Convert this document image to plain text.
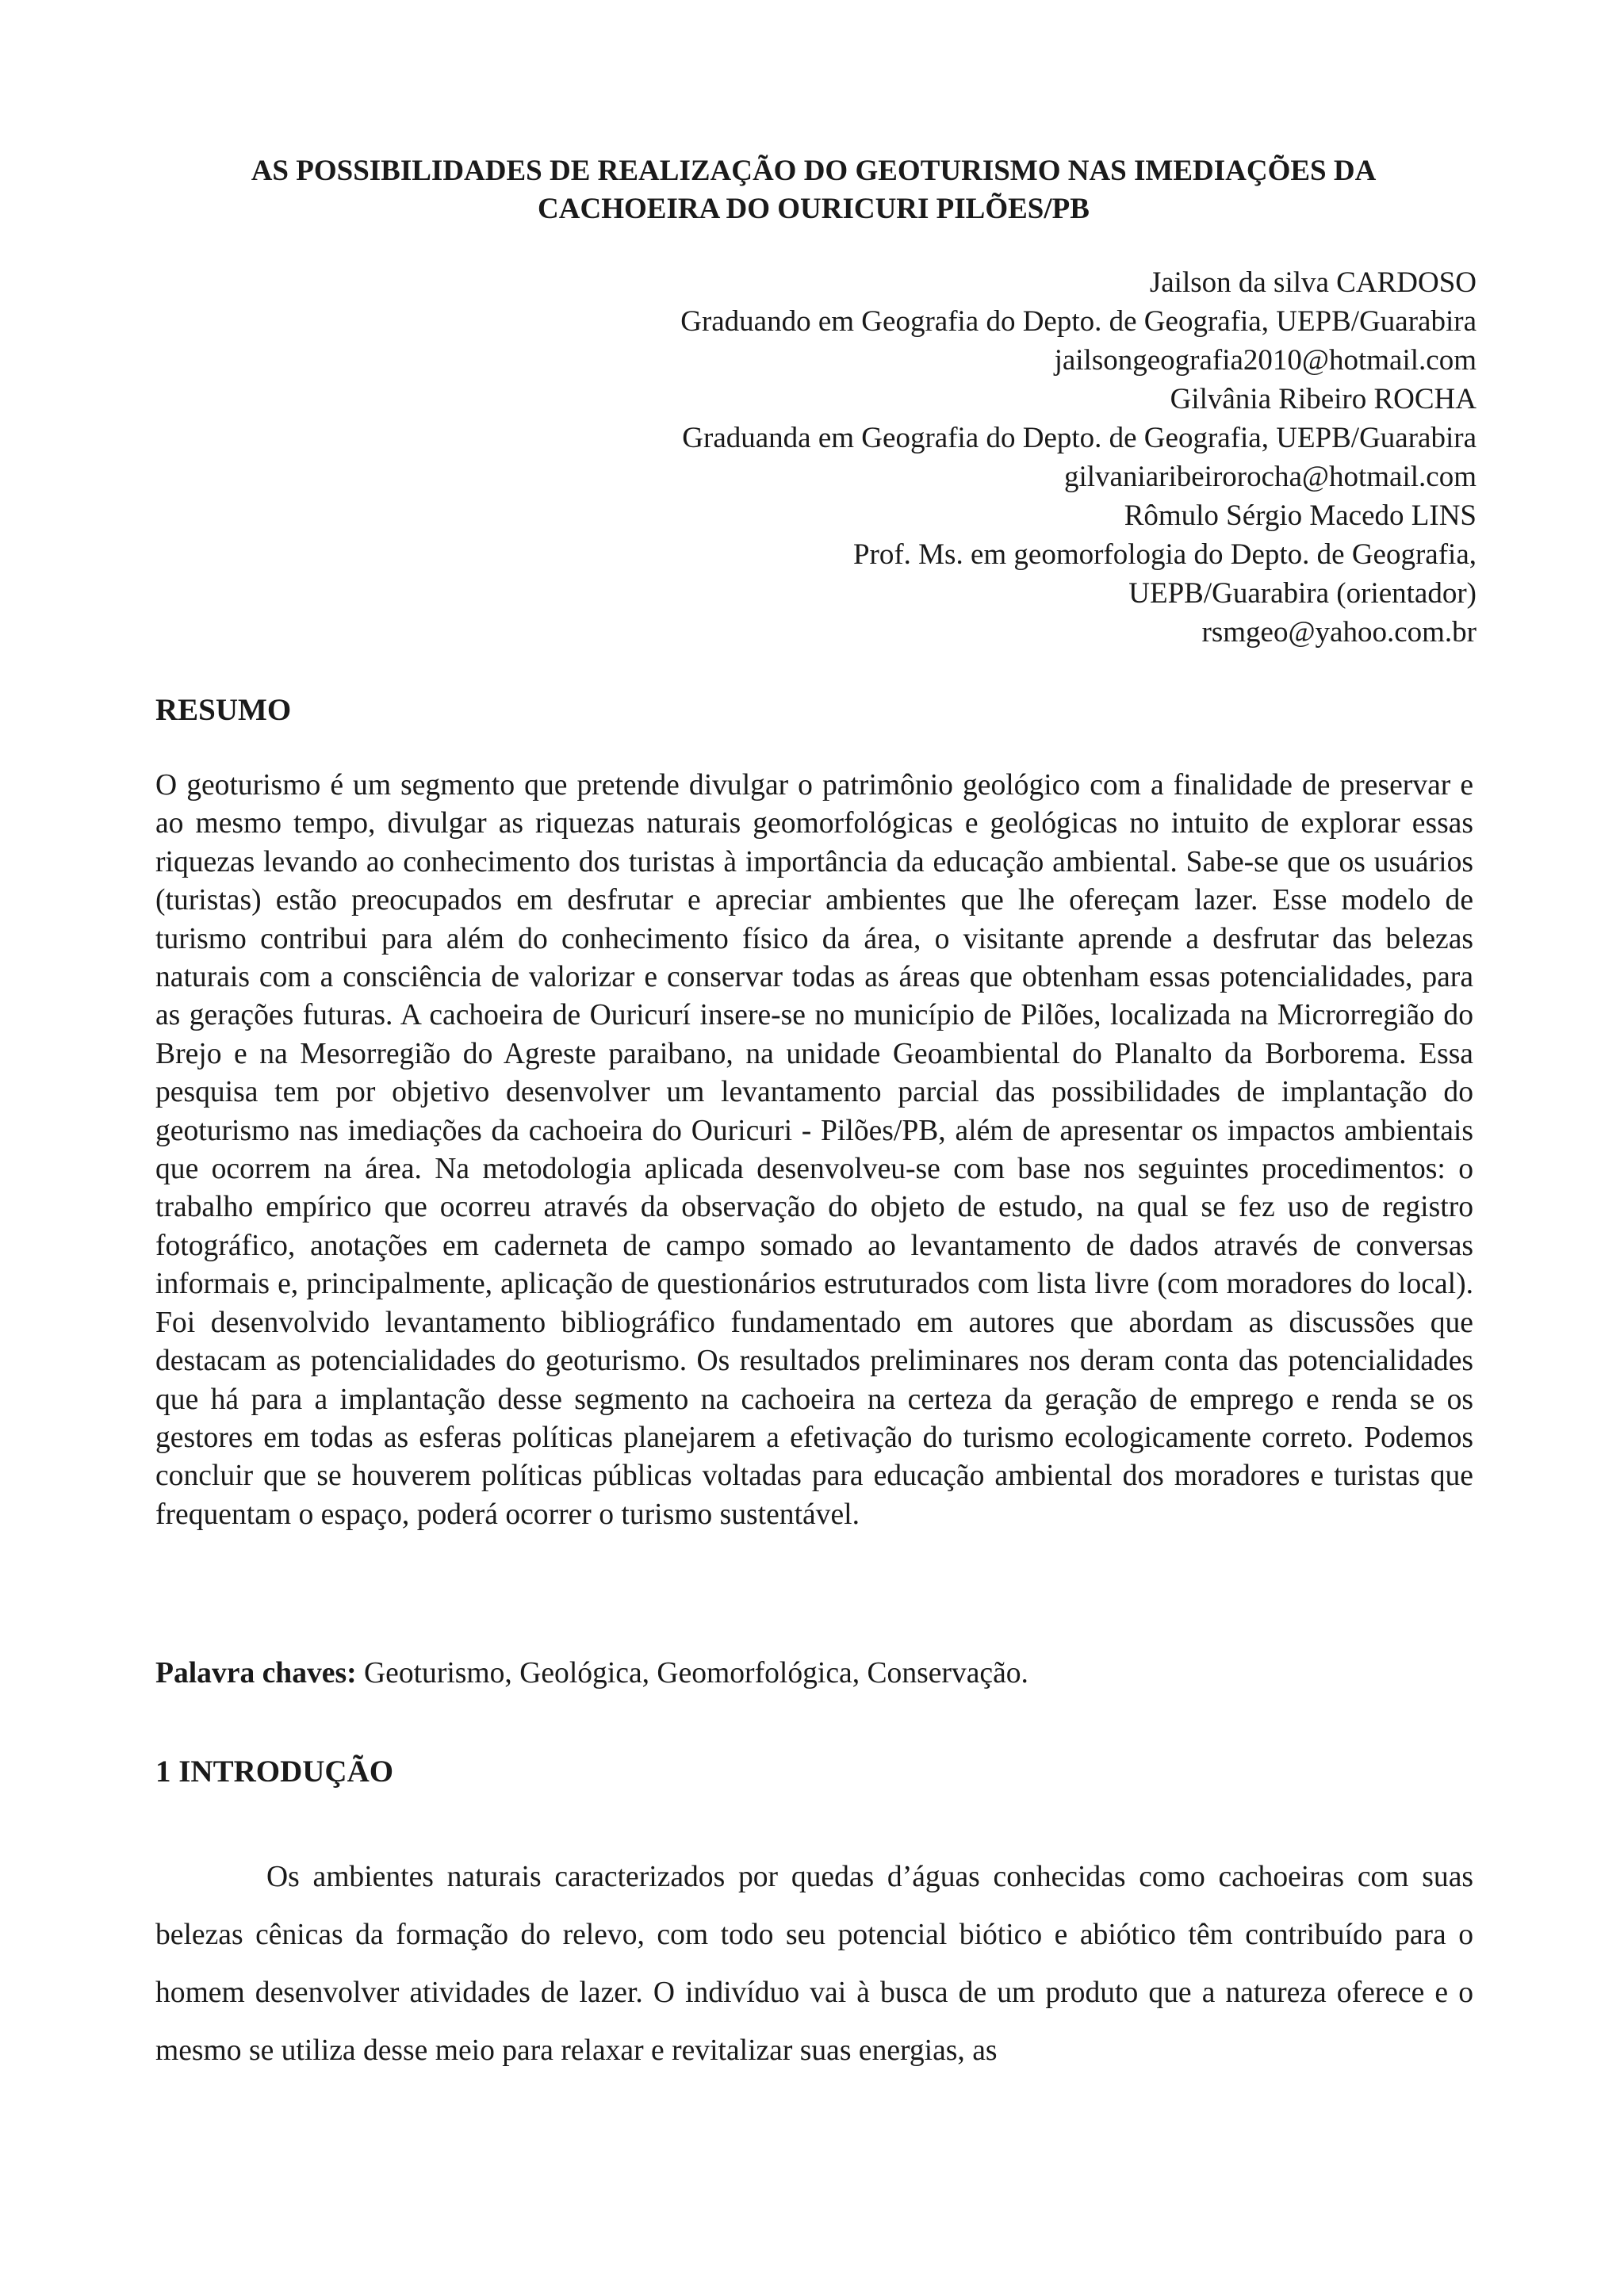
AS POSSIBILIDADES DE REALIZAÇÃO DO GEOTURISMO NAS IMEDIAÇÕES DA
CACHOEIRA DO OURICURI PILÕES/PB
Jailson da silva CARDOSO
Graduando em Geografia do Depto. de Geografia, UEPB/Guarabira
jailsongeografia2010@hotmail.com
Gilvânia Ribeiro ROCHA
Graduanda em Geografia do Depto. de Geografia, UEPB/Guarabira
gilvaniaribeirorocha@hotmail.com
Rômulo Sérgio Macedo LINS
Prof. Ms. em geomorfologia do Depto. de Geografia,
UEPB/Guarabira (orientador)
rsmgeo@yahoo.com.br
RESUMO

O geoturismo é um segmento que pretende divulgar o patrimônio geológico com a finalidade de preservar e ao mesmo tempo, divulgar as riquezas naturais geomorfológicas e geológicas no intuito de explorar essas riquezas levando ao conhecimento dos turistas à importância da educação ambiental. Sabe-se que os usuários (turistas) estão preocupados em desfrutar e apreciar ambientes que lhe ofereçam lazer. Esse modelo de turismo contribui para além do conhecimento físico da área, o visitante aprende a desfrutar das belezas naturais com a consciência de valorizar e conservar todas as áreas que obtenham essas potencialidades, para as gerações futuras. A cachoeira de Ouricurí insere-se no município de Pilões, localizada na Microrregião do Brejo e na Mesorregião do Agreste paraibano, na unidade Geoambiental do Planalto da Borborema. Essa pesquisa tem por objetivo desenvolver um levantamento parcial das possibilidades de implantação do geoturismo nas imediações da cachoeira do Ouricuri - Pilões/PB, além de apresentar os impactos ambientais que ocorrem na área. Na metodologia aplicada desenvolveu-se com base nos seguintes procedimentos: o trabalho empírico que ocorreu através da observação do objeto de estudo, na qual se fez uso de registro fotográfico, anotações em caderneta de campo somado ao levantamento de dados através de conversas informais e, principalmente, aplicação de questionários estruturados com lista livre (com moradores do local). Foi desenvolvido levantamento bibliográfico fundamentado em autores que abordam as discussões que destacam as potencialidades do geoturismo. Os resultados preliminares nos deram conta das potencialidades que há para a implantação desse segmento na cachoeira na certeza da geração de emprego e renda se os gestores em todas as esferas políticas planejarem a efetivação do turismo ecologicamente correto. Podemos concluir que se houverem políticas públicas voltadas para educação ambiental dos moradores e turistas que frequentam o espaço, poderá ocorrer o turismo sustentável.

Palavra chaves: Geoturismo, Geológica, Geomorfológica, Conservação.

1 INTRODUÇÃO

Os ambientes naturais caracterizados por quedas d’águas conhecidas como cachoeiras com suas belezas cênicas da formação do relevo, com todo seu potencial biótico e abiótico têm contribuído para o homem desenvolver atividades de lazer. O indivíduo vai à busca de um produto que a natureza oferece e o mesmo se utiliza desse meio para relaxar e revitalizar suas energias, as
